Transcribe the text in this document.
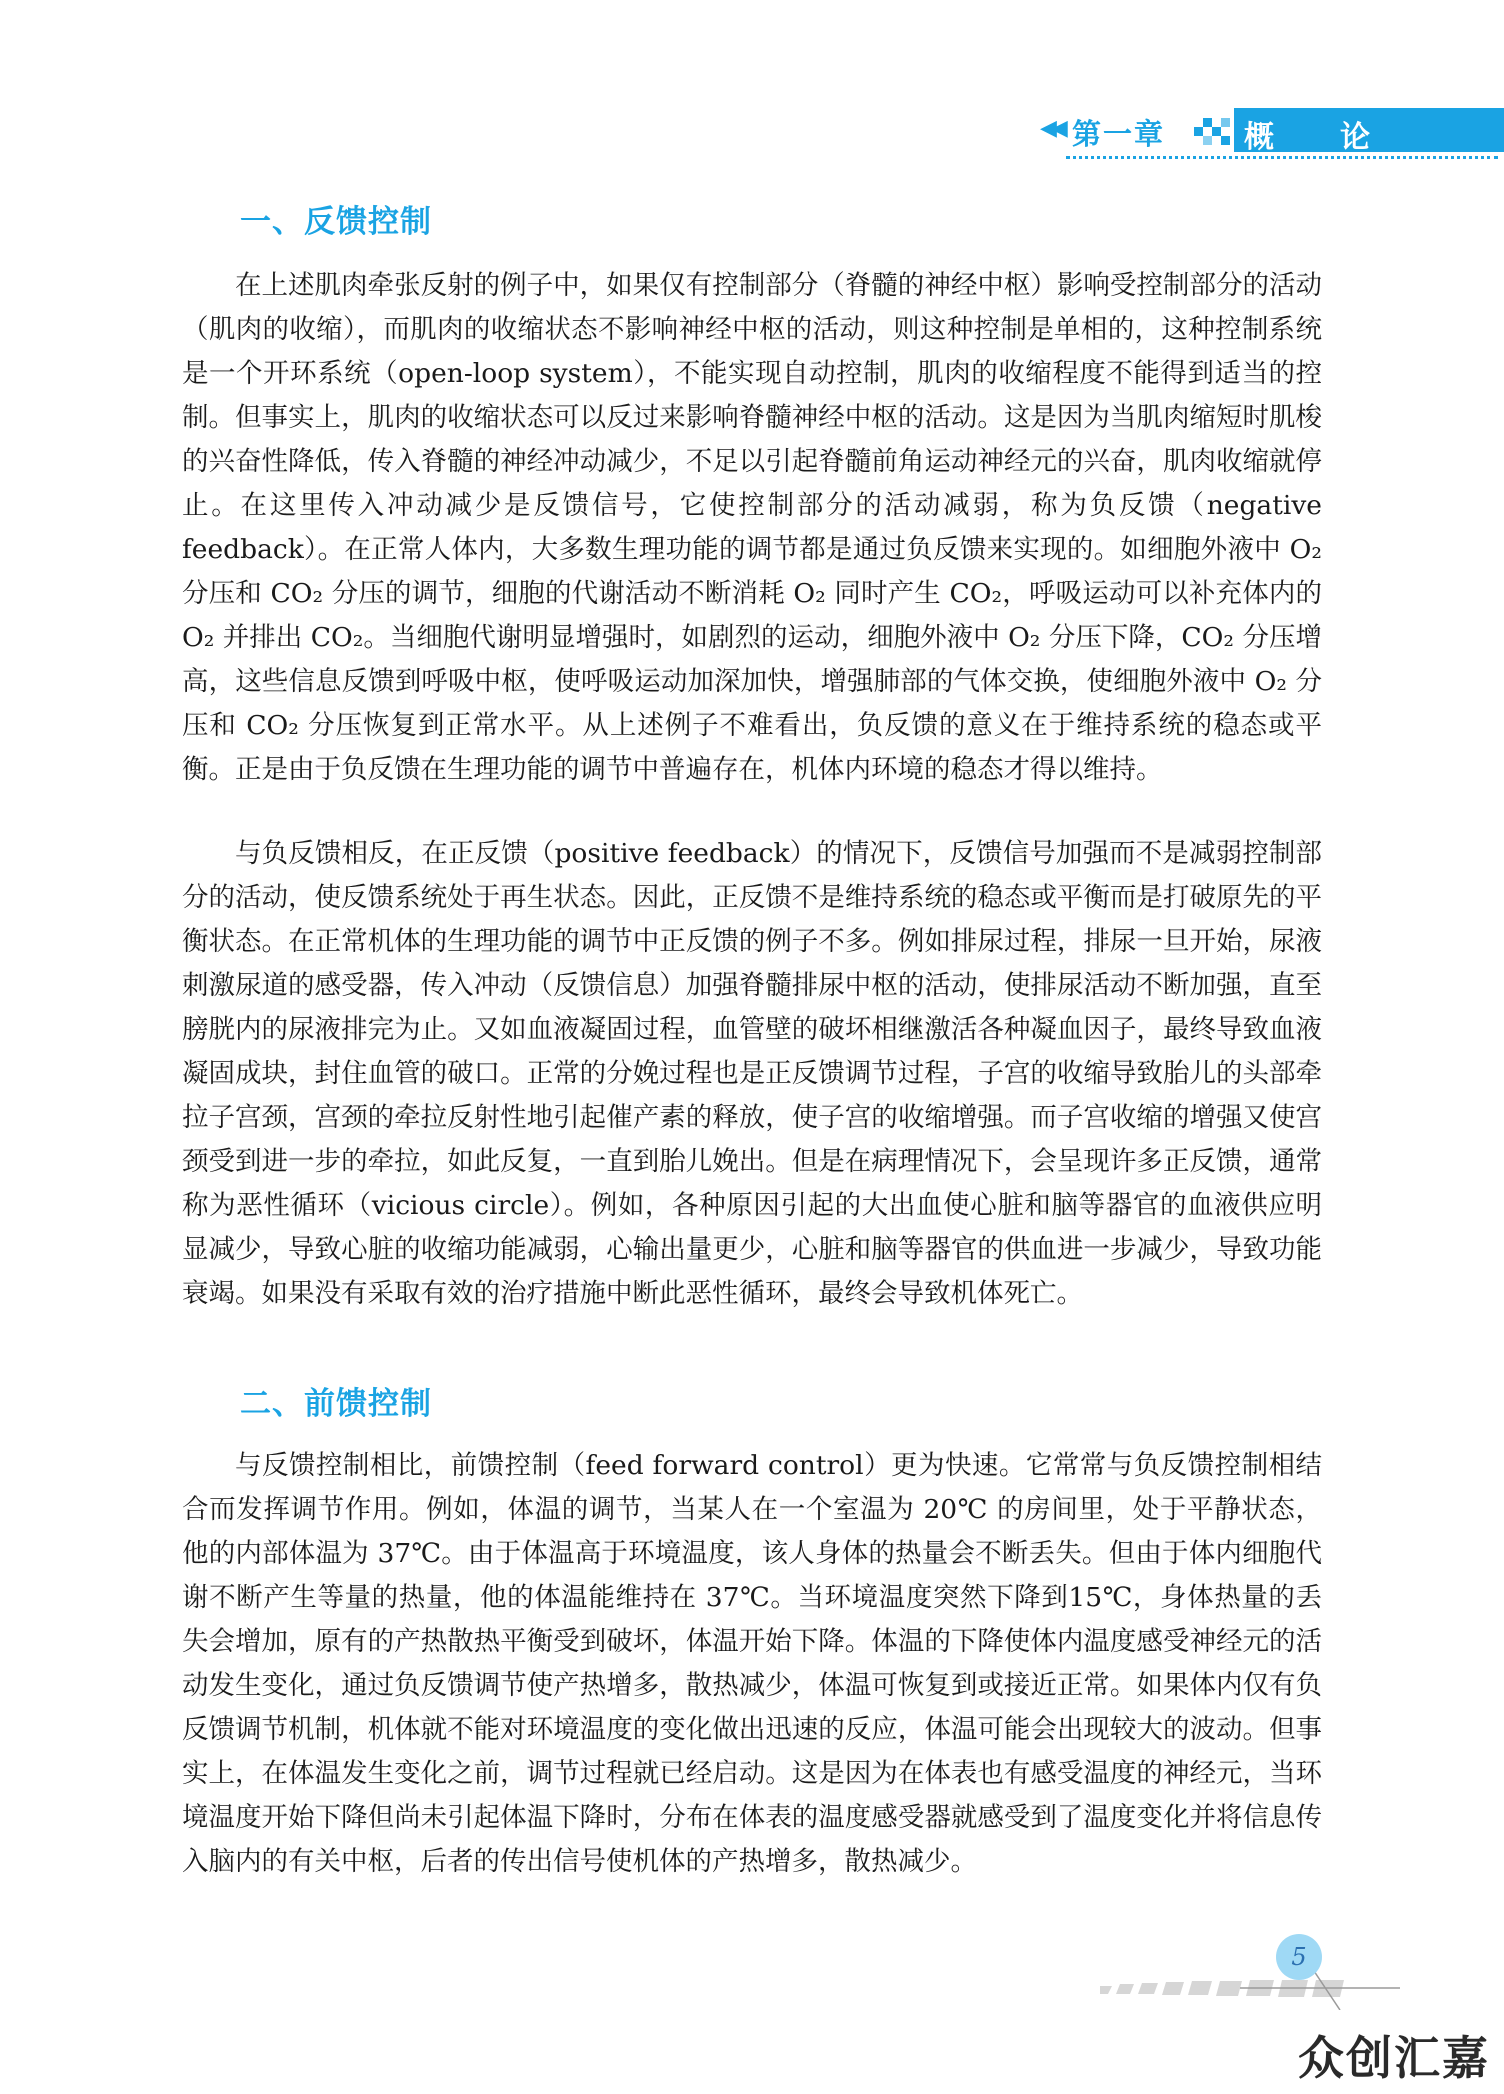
◀◀ 第一章	概　　论
一、反馈控制

在上述肌肉牵张反射的例子中，如果仅有控制部分（脊髓的神经中枢）影响受控制部分的活动（肌肉的收缩），而肌肉的收缩状态不影响神经中枢的活动，则这种控制是单相的，这种控制系统是一个开环系统（open-loop system），不能实现自动控制，肌肉的收缩程度不能得到适当的控制。但事实上，肌肉的收缩状态可以反过来影响脊髓神经中枢的活动。这是因为当肌肉缩短时肌梭的兴奋性降低，传入脊髓的神经冲动减少，不足以引起脊髓前角运动神经元的兴奋，肌肉收缩就停止。在这里传入冲动减少是反馈信号，它使控制部分的活动减弱，称为负反馈（negative feedback）。在正常人体内，大多数生理功能的调节都是通过负反馈来实现的。如细胞外液中 O₂ 分压和 CO₂ 分压的调节，细胞的代谢活动不断消耗 O₂ 同时产生 CO₂，呼吸运动可以补充体内的 O₂ 并排出 CO₂。当细胞代谢明显增强时，如剧烈的运动，细胞外液中 O₂ 分压下降，CO₂ 分压增高，这些信息反馈到呼吸中枢，使呼吸运动加深加快，增强肺部的气体交换，使细胞外液中 O₂ 分压和 CO₂ 分压恢复到正常水平。从上述例子不难看出，负反馈的意义在于维持系统的稳态或平衡。正是由于负反馈在生理功能的调节中普遍存在，机体内环境的稳态才得以维持。

与负反馈相反，在正反馈（positive feedback）的情况下，反馈信号加强而不是减弱控制部分的活动，使反馈系统处于再生状态。因此，正反馈不是维持系统的稳态或平衡而是打破原先的平衡状态。在正常机体的生理功能的调节中正反馈的例子不多。例如排尿过程，排尿一旦开始，尿液刺激尿道的感受器，传入冲动（反馈信息）加强脊髓排尿中枢的活动，使排尿活动不断加强，直至膀胱内的尿液排完为止。又如血液凝固过程，血管壁的破坏相继激活各种凝血因子，最终导致血液凝固成块，封住血管的破口。正常的分娩过程也是正反馈调节过程，子宫的收缩导致胎儿的头部牵拉子宫颈，宫颈的牵拉反射性地引起催产素的释放，使子宫的收缩增强。而子宫收缩的增强又使宫颈受到进一步的牵拉，如此反复，一直到胎儿娩出。但是在病理情况下，会呈现许多正反馈，通常称为恶性循环（vicious circle）。例如，各种原因引起的大出血使心脏和脑等器官的血液供应明显减少，导致心脏的收缩功能减弱，心输出量更少，心脏和脑等器官的供血进一步减少，导致功能衰竭。如果没有采取有效的治疗措施中断此恶性循环，最终会导致机体死亡。

二、前馈控制

与反馈控制相比，前馈控制（feed forward control）更为快速。它常常与负反馈控制相结合而发挥调节作用。例如，体温的调节，当某人在一个室温为 20℃ 的房间里，处于平静状态，他的内部体温为 37℃。由于体温高于环境温度，该人身体的热量会不断丢失。但由于体内细胞代谢不断产生等量的热量，他的体温能维持在 37℃。当环境温度突然下降到15℃，身体热量的丢失会增加，原有的产热散热平衡受到破坏，体温开始下降。体温的下降使体内温度感受神经元的活动发生变化，通过负反馈调节使产热增多，散热减少，体温可恢复到或接近正常。如果体内仅有负反馈调节机制，机体就不能对环境温度的变化做出迅速的反应，体温可能会出现较大的波动。但事实上，在体温发生变化之前，调节过程就已经启动。这是因为在体表也有感受温度的神经元，当环境温度开始下降但尚未引起体温下降时，分布在体表的温度感受器就感受到了温度变化并将信息传入脑内的有关中枢，后者的传出信号使机体的产热增多，散热减少。

5
众创汇嘉
